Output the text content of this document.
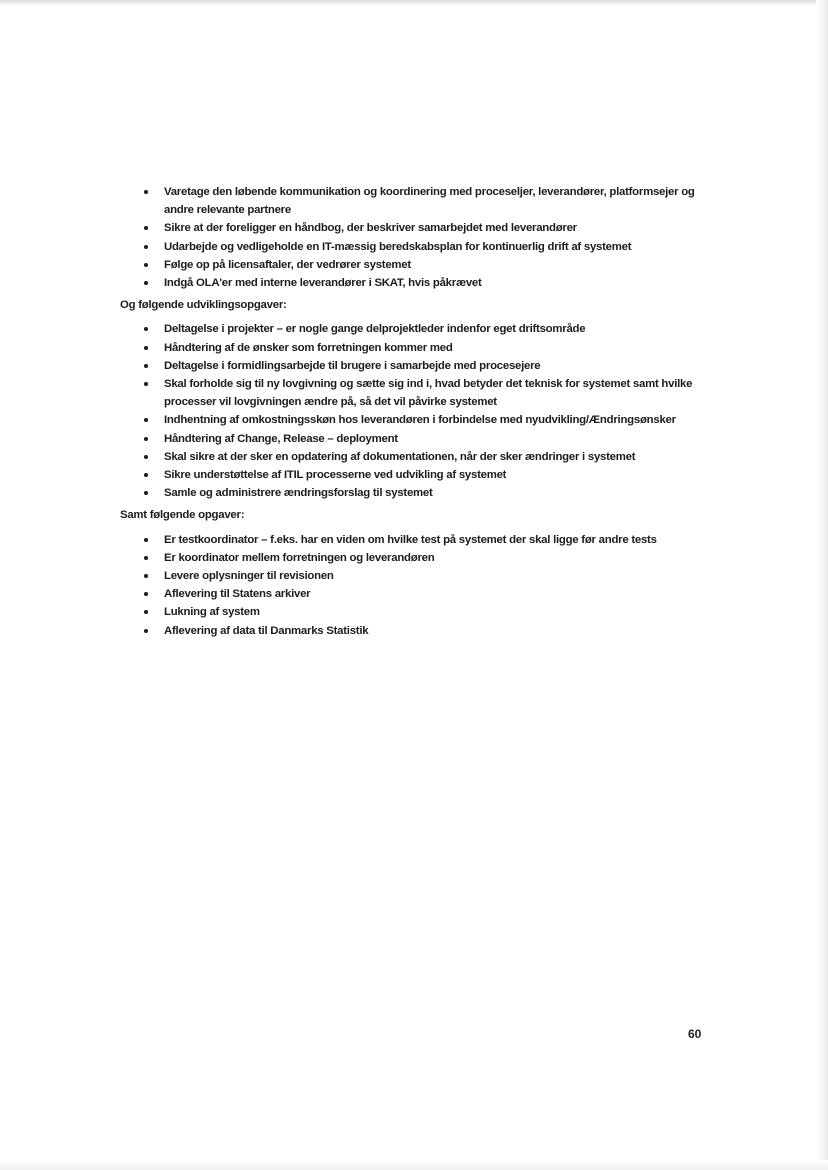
Varetage den løbende kommunikation og koordinering med proceseljer, leverandører, platformsejer og andre relevante partnere
Sikre at der foreligger en håndbog, der beskriver samarbejdet med leverandører
Udarbejde og vedligeholde en IT-mæssig beredskabsplan for kontinuerlig drift af systemet
Følge op på licensaftaler, der vedrører systemet
Indgå OLA'er med interne leverandører i SKAT, hvis påkrævet
Og følgende udviklingsopgaver:
Deltagelse i projekter – er nogle gange delprojektleder indenfor eget driftsområde
Håndtering af de ønsker som forretningen kommer med
Deltagelse i formidlingsarbejde til brugere i samarbejde med procesejere
Skal forholde sig til ny lovgivning og sætte sig ind i, hvad betyder det teknisk for systemet samt hvilke processer vil lovgivningen ændre på, så det vil påvirke systemet
Indhentning af omkostningsskøn hos leverandøren i forbindelse med nyudvikling/Ændringsønsker
Håndtering af Change, Release – deployment
Skal sikre at der sker en opdatering af dokumentationen, når der sker ændringer i systemet
Sikre understøttelse af ITIL processerne ved udvikling af systemet
Samle og administrere ændringsforslag til systemet
Samt følgende opgaver:
Er testkoordinator – f.eks. har en viden om hvilke test på systemet der skal ligge før andre tests
Er koordinator mellem forretningen og leverandøren
Levere oplysninger til revisionen
Aflevering til Statens arkiver
Lukning af system
Aflevering af data til Danmarks Statistik
60
